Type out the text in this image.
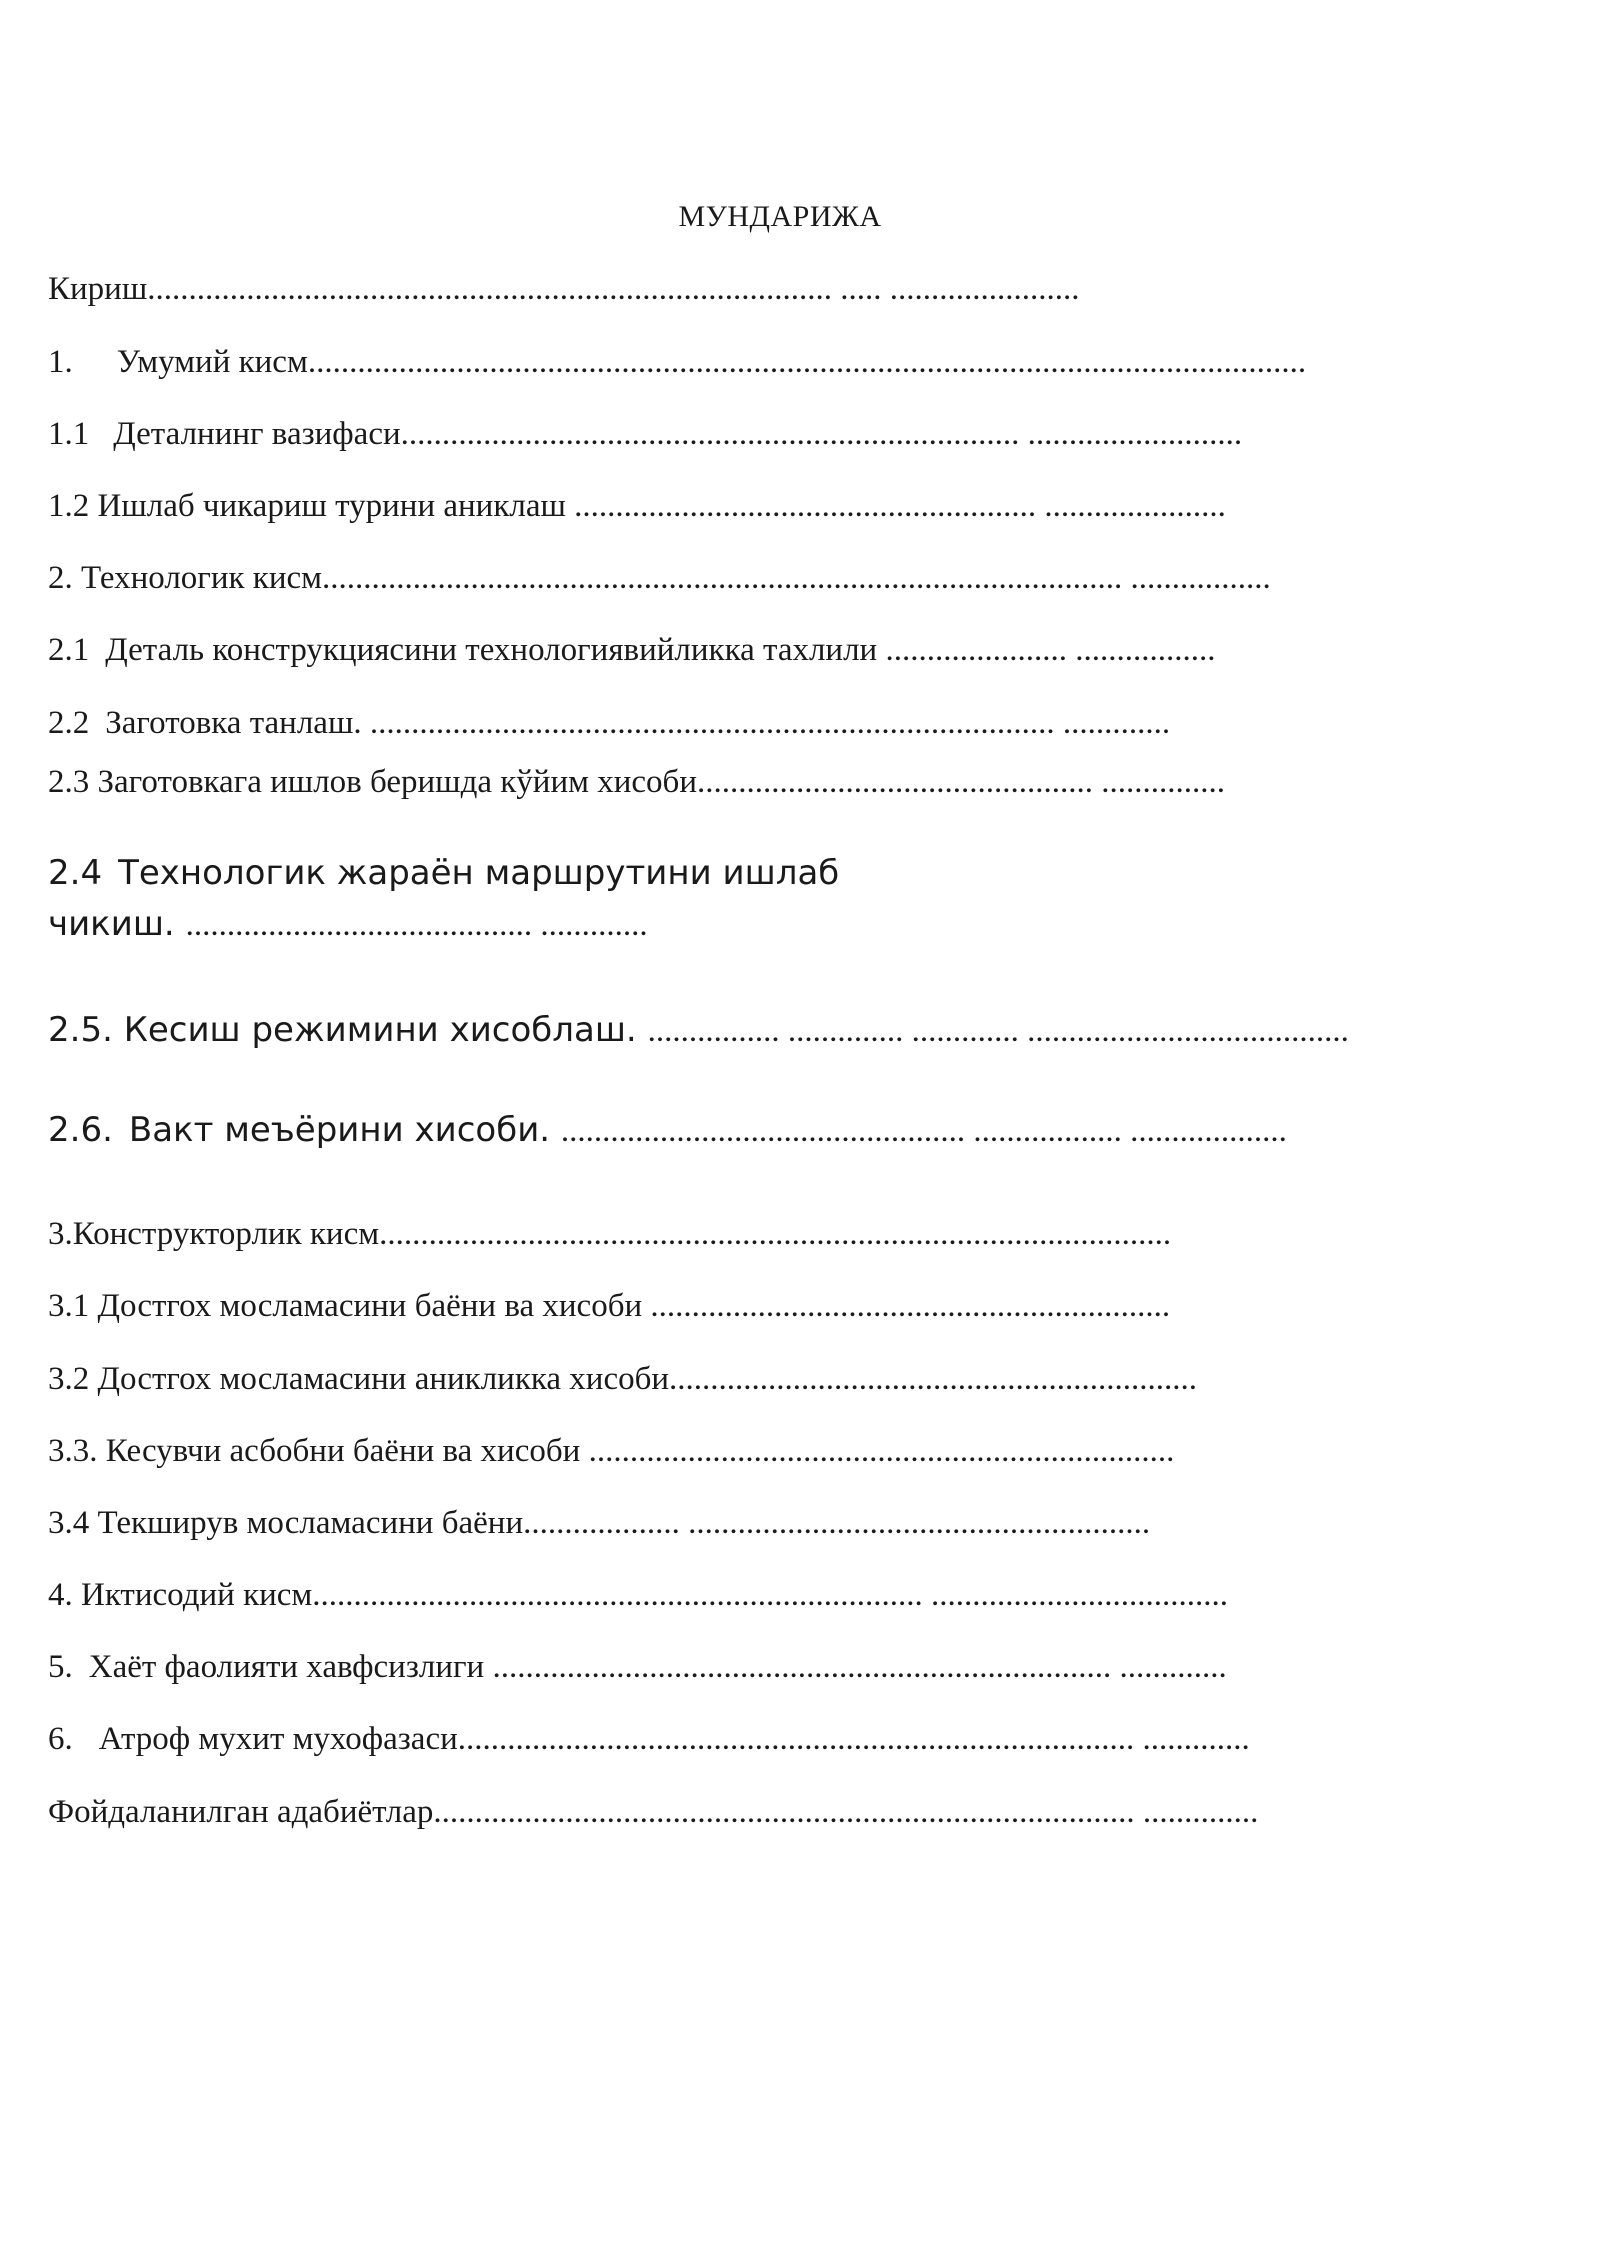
МУНДАРИЖА
Кириш................................................................................... ..... .......................
1. Умумий кисм.........................................................................................................................
1.1 Деталнинг вазифаси........................................................................... ..........................
1.2 Ишлаб чикариш турини аниклаш ........................................................ ......................
2. Технологик кисм................................................................................................. .................
2.1 Деталь конструкциясини технологиявийликка тахлили ...................... .................
2.2 Заготовка танлаш. ................................................................................... .............
2.3 Заготовкага ишлов беришда кўйим хисоби................................................ ...............
2.4 Технологик жараён маршрутини ишлаб
чикиш. .......................................... .............
2.5. Кесиш режимини хисоблаш. ................ .............. ............. .......................................
2.6. Вакт меъёрини хисоби. ................................................. .................. ...................
3.Конструкторлик кисм................................................................................................
3.1 Достгох мосламасини баёни ва хисоби ...............................................................
3.2 Достгох мосламасини аникликка хисоби................................................................
3.3. Кесувчи асбобни баёни ва хисоби .......................................................................
3.4 Текширув мосламасини баёни................... ........................................................
4. Иктисодий кисм.......................................................................... ....................................
5. Хаёт фаолияти хавфсизлиги ........................................................................... .............
6. Атроф мухит мухофазаси.................................................................................. .............
Фойдаланилган адабиётлар..................................................................................... ..............
